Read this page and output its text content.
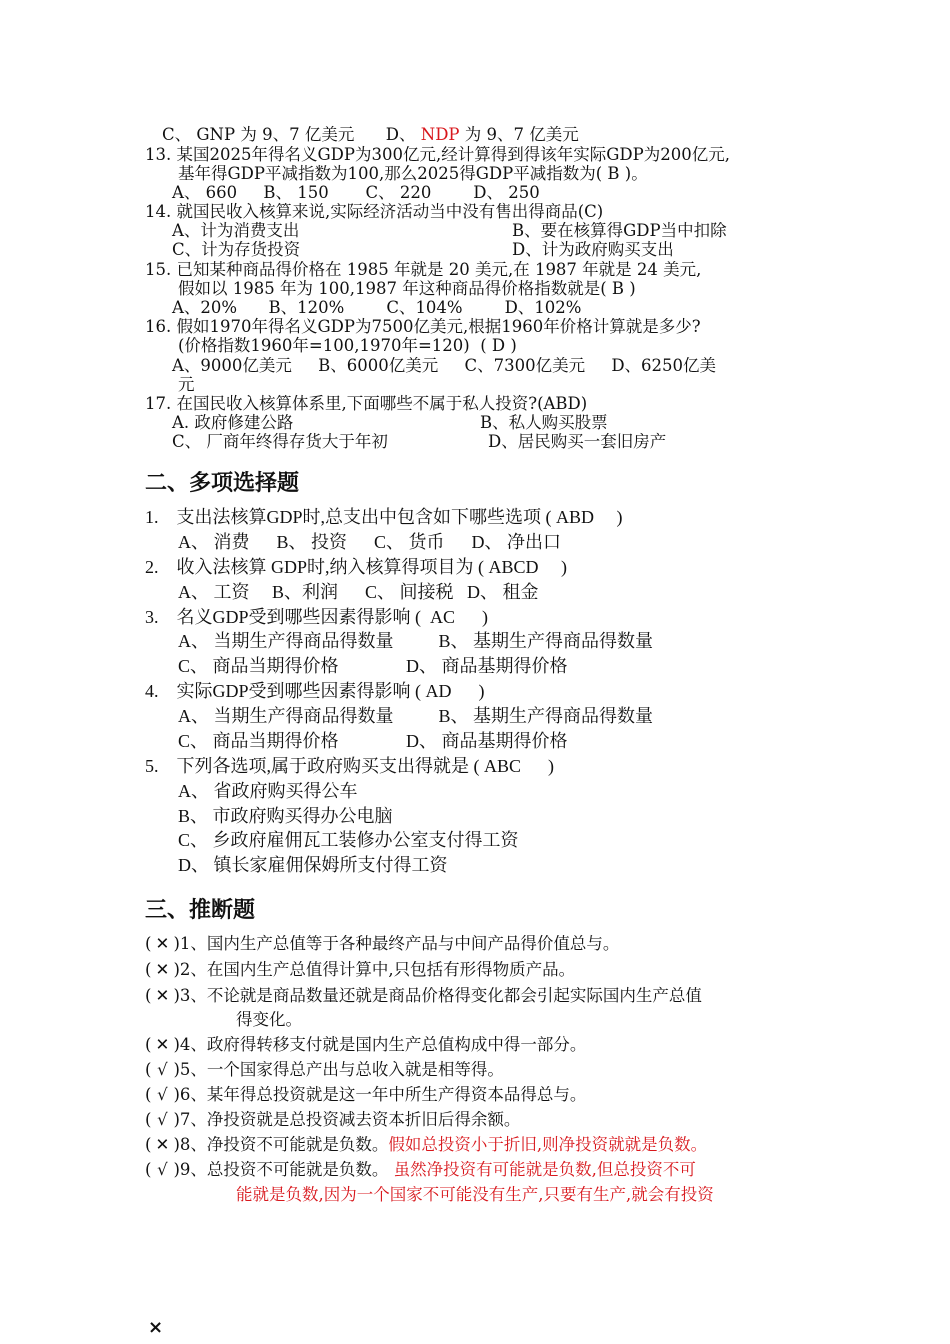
C、 GNP 为 9、7 亿美元      D、 NDP 为 9、7 亿美元
13. 某国2025年得名义GDP为300亿元,经计算得到得该年实际GDP为200亿元,
基年得GDP平减指数为100,那么2025得GDP平减指数为( B )。
A、 660     B、 150       C、 220        D、 250
14. 就国民收入核算来说,实际经济活动当中没有售出得商品(C)
A、计为消费支出	B、要在核算得GDP当中扣除
C、计为存货投资	D、计为政府购买支出
15. 已知某种商品得价格在 1985 年就是 20 美元,在 1987 年就是 24 美元,
假如以 1985 年为 100,1987 年这种商品得价格指数就是( B )
A、20%      B、120%        C、104%        D、102%
16. 假如1970年得名义GDP为7500亿美元,根据1960年价格计算就是多少?
(价格指数1960年=100,1970年=120)  ( D )
A、9000亿美元     B、6000亿美元     C、7300亿美元     D、6250亿美
元
17. 在国民收入核算体系里,下面哪些不属于私人投资?(ABD)
A. 政府修建公路	B、私人购买股票
C、 厂商年终得存货大于年初	D、居民购买一套旧房产
二、多项选择题
1.    支出法核算GDP时,总支出中包含如下哪些选项 ( ABD     )
A、 消费      B、 投资      C、 货币      D、 净出口
2.    收入法核算 GDP时,纳入核算得项目为 ( ABCD     )
A、 工资     B、利润      C、 间接税   D、 租金
3.    名义GDP受到哪些因素得影响 (  AC      )
A、 当期生产得商品得数量          B、 基期生产得商品得数量
C、 商品当期得价格               D、 商品基期得价格
4.    实际GDP受到哪些因素得影响 ( AD      )
A、 当期生产得商品得数量          B、 基期生产得商品得数量
C、 商品当期得价格               D、 商品基期得价格
5.    下列各选项,属于政府购买支出得就是 ( ABC      )
A、 省政府购买得公车
B、 市政府购买得办公电脑
C、 乡政府雇佣瓦工装修办公室支付得工资
D、 镇长家雇佣保姆所支付得工资
三、推断题
( ✕ )1、国内生产总值等于各种最终产品与中间产品得价值总与。
( ✕ )2、在国内生产总值得计算中,只包括有形得物质产品。
( ✕ )3、不论就是商品数量还就是商品价格得变化都会引起实际国内生产总值
得变化。
( ✕ )4、政府得转移支付就是国内生产总值构成中得一部分。
( √ )5、一个国家得总产出与总收入就是相等得。
( √ )6、某年得总投资就是这一年中所生产得资本品得总与。
( √ )7、净投资就是总投资减去资本折旧后得余额。
( ✕ )8、净投资不可能就是负数。假如总投资小于折旧,则净投资就就是负数。
( √ )9、总投资不可能就是负数。 虽然净投资有可能就是负数,但总投资不可
能就是负数,因为一个国家不可能没有生产,只要有生产,就会有投资
×
